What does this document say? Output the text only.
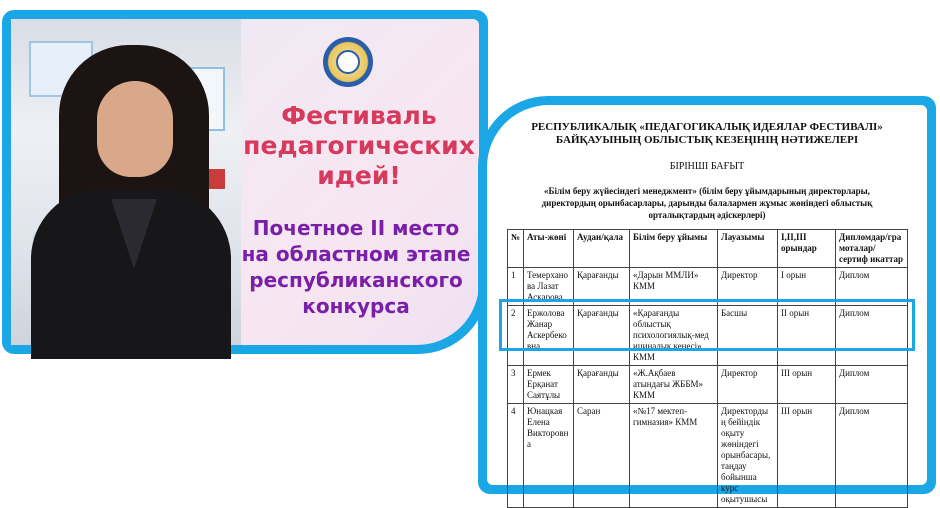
Фестиваль
педагогических
идей!
Почетное II место
на областном этапе
республиканского
конкурса
РЕСПУБЛИКАЛЫҚ «ПЕДАГОГИКАЛЫҚ ИДЕЯЛАР ФЕСТИВАЛІ» БАЙҚАУЫНЫҢ ОБЛЫСТЫҚ КЕЗЕҢІНІҢ НӘТИЖЕЛЕРІ
БІРІНШІ БАҒЫТ
«Білім беру жүйесіндегі менеджмент» (білім беру ұйымдарының директорлары, директордың орынбасарлары, дарынды балалармен жұмыс жөніндегі облыстық орталықтардың әдіскерлері)
№	Аты-жөні	Аудан/қала	Білім беру ұйымы	Лауазымы	І,ІІ,ІІІ орындар	Дипломдар/гра моталар/сертиф икаттар
1	Темерхано ва Лазат Асқарова	Қарағанды	«Дарын ММЛИ» КММ	Директор	І орын	Диплом
2	Ержолова Жанар Аскербеко вна	Қарағанды	«Қарағанды облыстық психологиялық-мед ициналық кеңесі» КММ	Басшы	ІІ орын	Диплом
3	Ермек Ерқанат Саятұлы	Қарағанды	«Ж.Ақбаев атындағы ЖББМ» КММ	Директор	ІІІ орын	Диплом
4	Юнацкая Елена Викторовн а	Саран	«№17 мектеп-гимназия» КММ	Директорды ң бейіндік оқыту жөніндегі орынбасары, таңдау бойынша курс оқытушысы	ІІІ орын	Диплом
